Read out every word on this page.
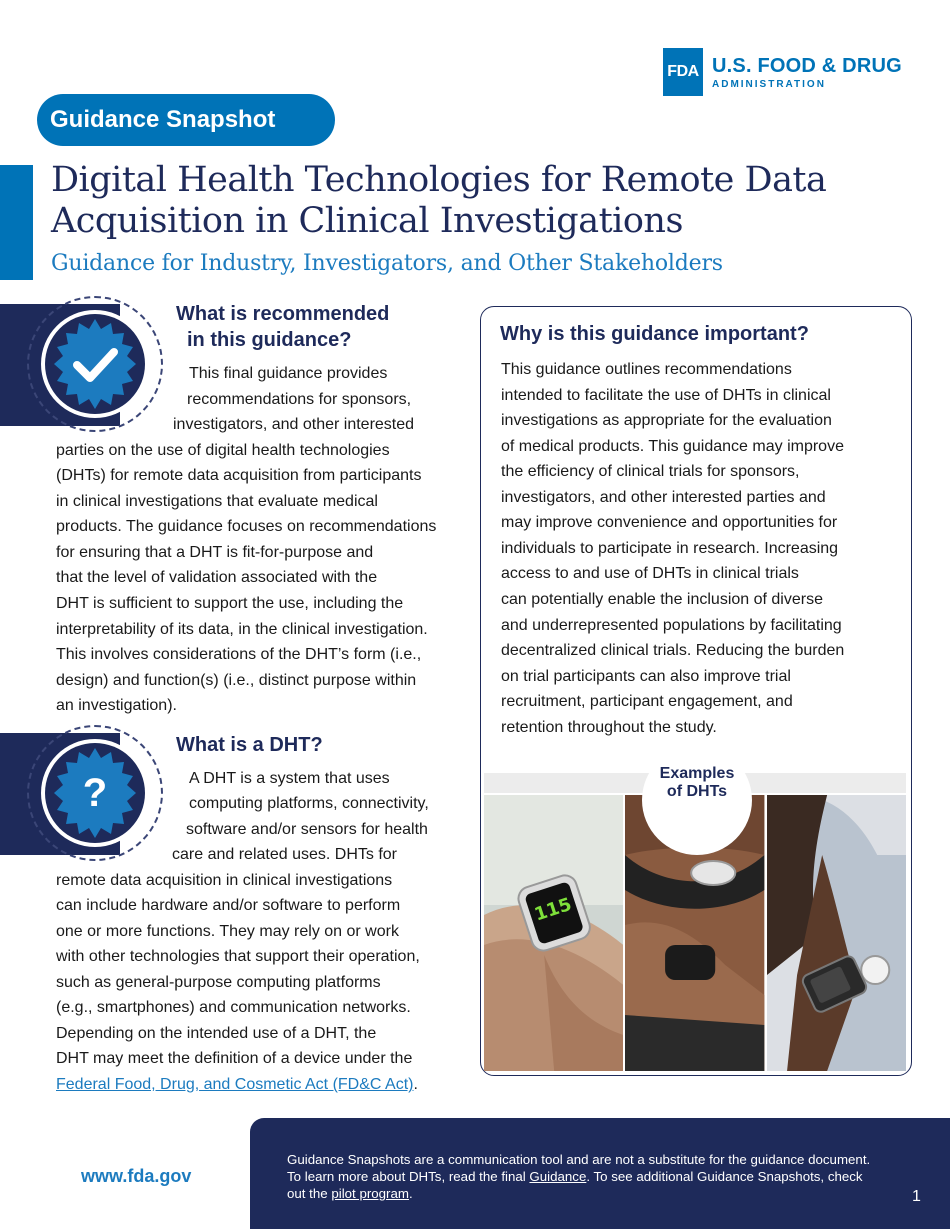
FDA U.S. FOOD & DRUG
ADMINISTRATION
Guidance Snapshot
Digital Health Technologies for Remote Data
Acquisition in Clinical Investigations
Guidance for Industry, Investigators, and Other Stakeholders
What is recommended
in this guidance?
This final guidance provides
recommendations for sponsors,
investigators, and other interested
parties on the use of digital health technologies
(DHTs) for remote data acquisition from participants
in clinical investigations that evaluate medical
products. The guidance focuses on recommendations
for ensuring that a DHT is fit-for-purpose and
that the level of validation associated with the
DHT is sufficient to support the use, including the
interpretability of its data, in the clinical investigation.
This involves considerations of the DHT’s form (i.e.,
design) and function(s) (i.e., distinct purpose within
an investigation).
?
What is a DHT?
A DHT is a system that uses
computing platforms, connectivity,
software and/or sensors for health
care and related uses. DHTs for
remote data acquisition in clinical investigations
can include hardware and/or software to perform
one or more functions. They may rely on or work
with other technologies that support their operation,
such as general-purpose computing platforms
(e.g., smartphones) and communication networks.
Depending on the intended use of a DHT, the
DHT may meet the definition of a device under the
Federal Food, Drug, and Cosmetic Act (FD&C Act).
Why is this guidance important?
This guidance outlines recommendations
intended to facilitate the use of DHTs in clinical
investigations as appropriate for the evaluation
of medical products. This guidance may improve
the efficiency of clinical trials for sponsors,
investigators, and other interested parties and
may improve convenience and opportunities for
individuals to participate in research. Increasing
access to and use of DHTs in clinical trials
can potentially enable the inclusion of diverse
and underrepresented populations by facilitating
decentralized clinical trials. Reducing the burden
on trial participants can also improve trial
recruitment, participant engagement, and
retention throughout the study.
115
Examples
of DHTs
www.fda.gov
Guidance Snapshots are a communication tool and are not a substitute for the guidance document.
To learn more about DHTs, read the final Guidance. To see additional Guidance Snapshots, check
out the pilot program.	1
